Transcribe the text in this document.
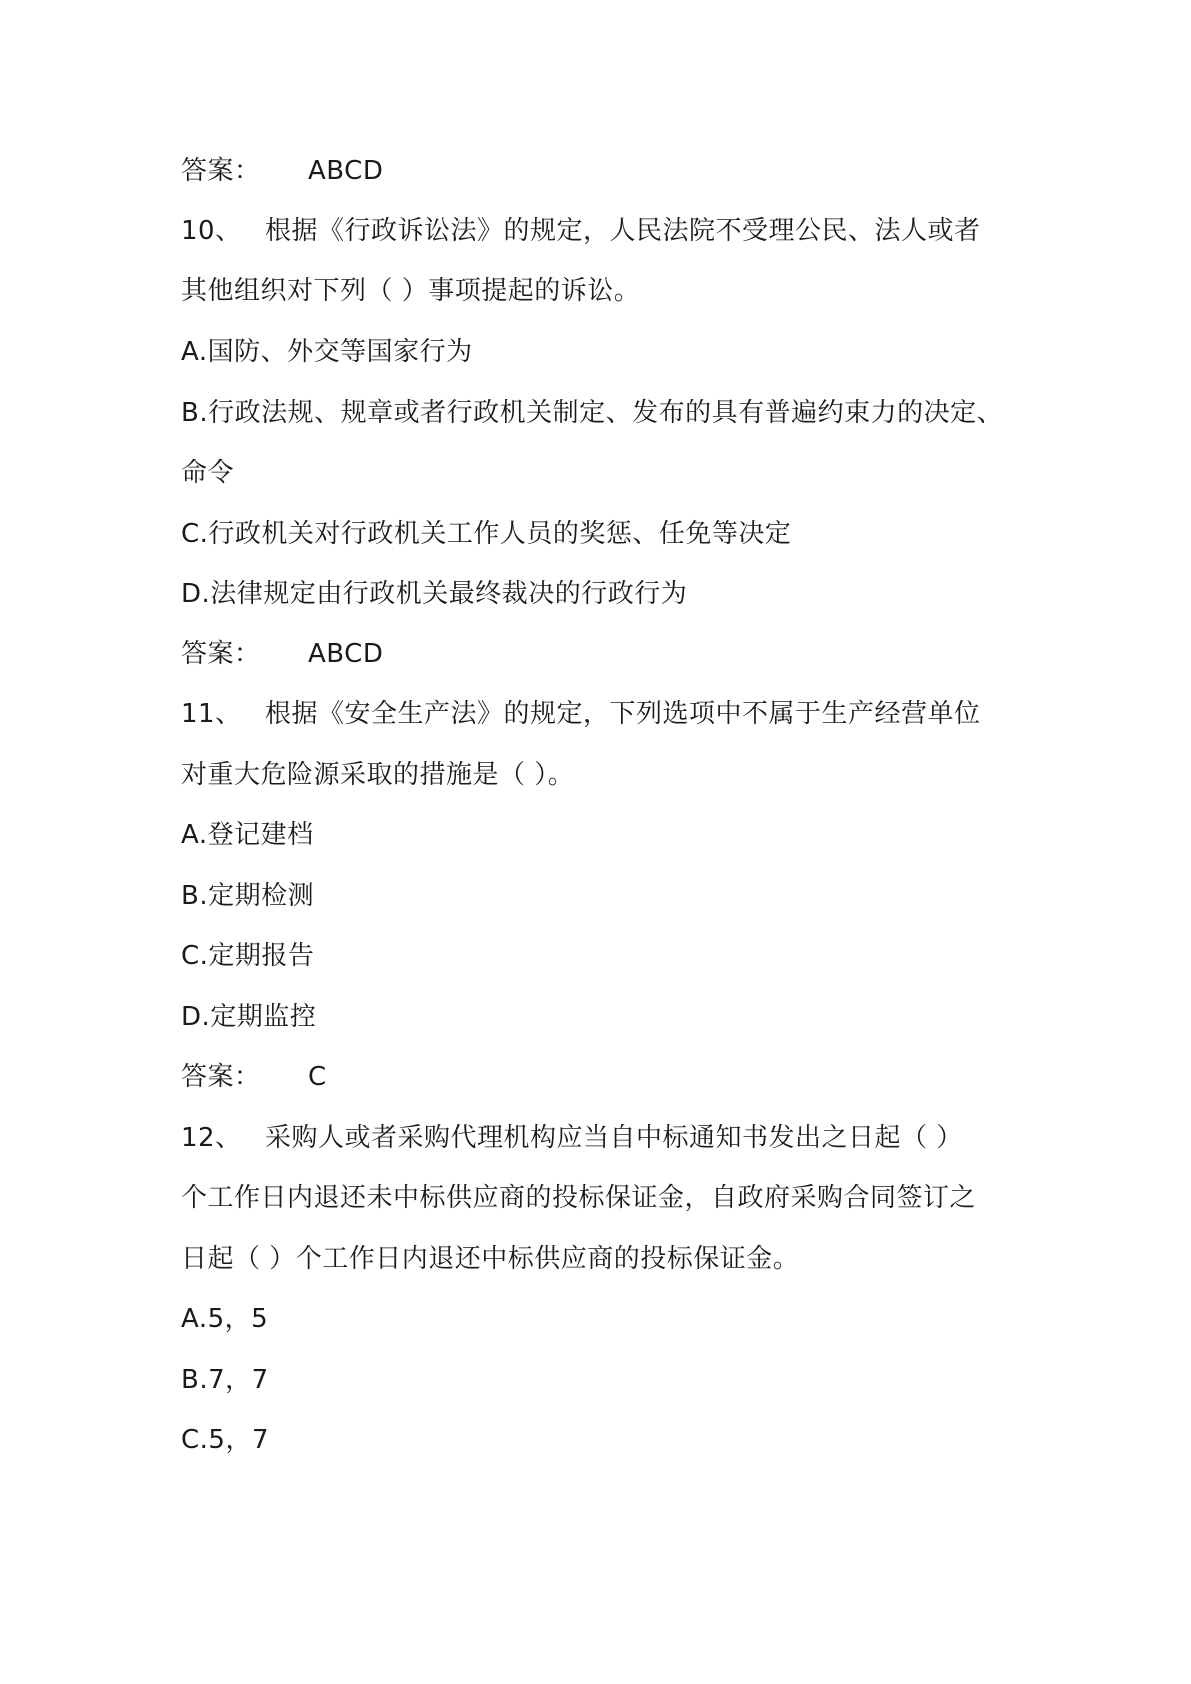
答案： ABCD
10、 根据《行政诉讼法》的规定，人民法院不受理公民、法人或者
其他组织对下列（ ）事项提起的诉讼。
A.国防、外交等国家行为
B.行政法规、规章或者行政机关制定、发布的具有普遍约束力的决定、
命令
C.行政机关对行政机关工作人员的奖惩、任免等决定
D.法律规定由行政机关最终裁决的行政行为
答案： ABCD
11、 根据《安全生产法》的规定，下列选项中不属于生产经营单位
对重大危险源采取的措施是（ ）。
A.登记建档
B.定期检测
C.定期报告
D.定期监控
答案： C
12、 采购人或者采购代理机构应当自中标通知书发出之日起（ ）
个工作日内退还未中标供应商的投标保证金，自政府采购合同签订之
日起（ ）个工作日内退还中标供应商的投标保证金。
A.5，5
B.7，7
C.5，7
